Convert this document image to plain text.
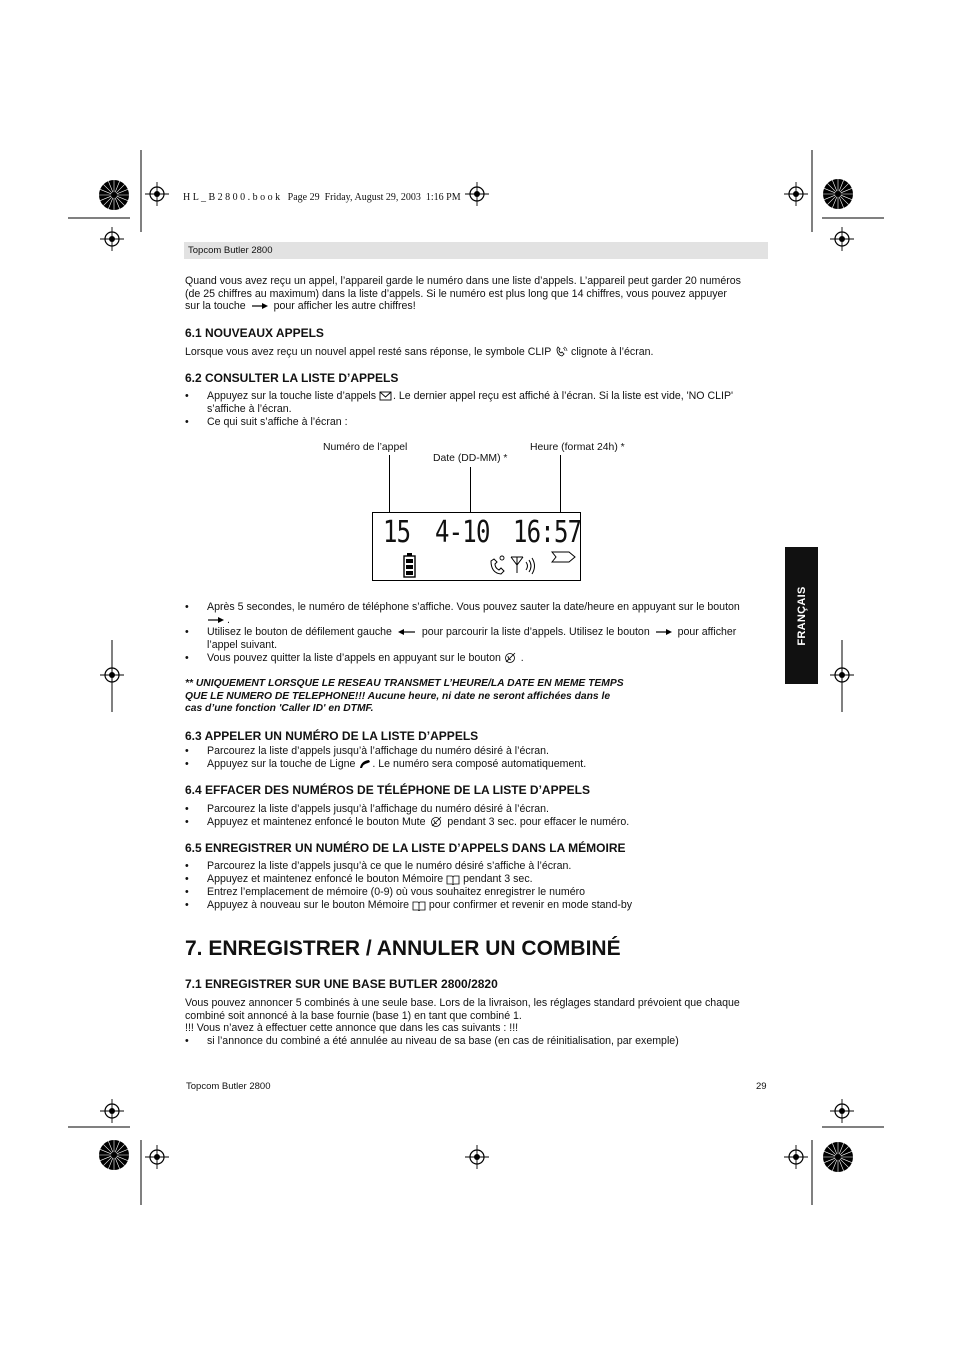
H L _ B 2 8 0 0 . b o o k   Page 29  Friday, August 29, 2003  1:16 PM
Topcom Butler 2800
FRANÇAIS
Quand vous avez reçu un appel, l’appareil garde le numéro dans une liste d’appels. L’appareil peut garder 20 numéros
(de 25 chiffres au maximum) dans la liste d’appels. Si le numéro est plus long que 14 chiffres, vous pouvez appuyer
sur la touche	pour afficher les autre chiffres!
6.1 NOUVEAUX APPELS
Lorsque vous avez reçu un nouvel appel resté sans réponse, le symbole CLIP clignote à l’écran.
6.2 CONSULTER LA LISTE D’APPELS
• Appuyez sur la touche liste d’appels . Le dernier appel reçu est affiché à l’écran. Si la liste est vide, 'NO CLIP'
s’affiche à l’écran.
• Ce qui suit s’affiche à l’écran :
Numéro de l’appel
Date (DD-MM) *
Heure (format 24h) *
15 4-10 16:57
• Après 5 secondes, le numéro de téléphone s’affiche. Vous pouvez sauter la date/heure en appuyant sur le bouton
.
• Utilisez le bouton de défilement gauche	pour parcourir la liste d’appels. Utilisez le bouton	pour afficher
l’appel suivant.
• Vous pouvez quitter la liste d’appels en appuyant sur le bouton .
** UNIQUEMENT LORSQUE LE RESEAU TRANSMET L’HEURE/LA DATE EN MEME TEMPS
QUE LE NUMERO DE TELEPHONE!!! Aucune heure, ni date ne seront affichées dans le
cas d’une fonction 'Caller ID' en DTMF.
6.3 APPELER UN NUMÉRO DE LA LISTE D’APPELS
• Parcourez la liste d’appels jusqu’à l’affichage du numéro désiré à l’écran.
• Appuyez sur la touche de Ligne . Le numéro sera composé automatiquement.
6.4 EFFACER DES NUMÉROS DE TÉLÉPHONE DE LA LISTE D’APPELS
• Parcourez la liste d’appels jusqu’à l’affichage du numéro désiré à l’écran.
• Appuyez et maintenez enfoncé le bouton Mute pendant 3 sec. pour effacer le numéro.
6.5 ENREGISTRER UN NUMÉRO DE LA LISTE D’APPELS DANS LA MÉMOIRE
• Parcourez la liste d’appels jusqu’à ce que le numéro désiré s’affiche à l’écran.
• Appuyez et maintenez enfoncé le bouton Mémoire pendant 3 sec.
• Entrez l’emplacement de mémoire (0-9) où vous souhaitez enregistrer le numéro
• Appuyez à nouveau sur le bouton Mémoire pour confirmer et revenir en mode stand-by
7. ENREGISTRER / ANNULER UN COMBINÉ
7.1 ENREGISTRER SUR UNE BASE BUTLER 2800/2820
Vous pouvez annoncer 5 combinés à une seule base. Lors de la livraison, les réglages standard prévoient que chaque
combiné soit annoncé à la base fournie (base 1) en tant que combiné 1.
!!! Vous n’avez à effectuer cette annonce que dans les cas suivants : !!!
• si l’annonce du combiné a été annulée au niveau de sa base (en cas de réinitialisation, par exemple)
Topcom Butler 2800	29
